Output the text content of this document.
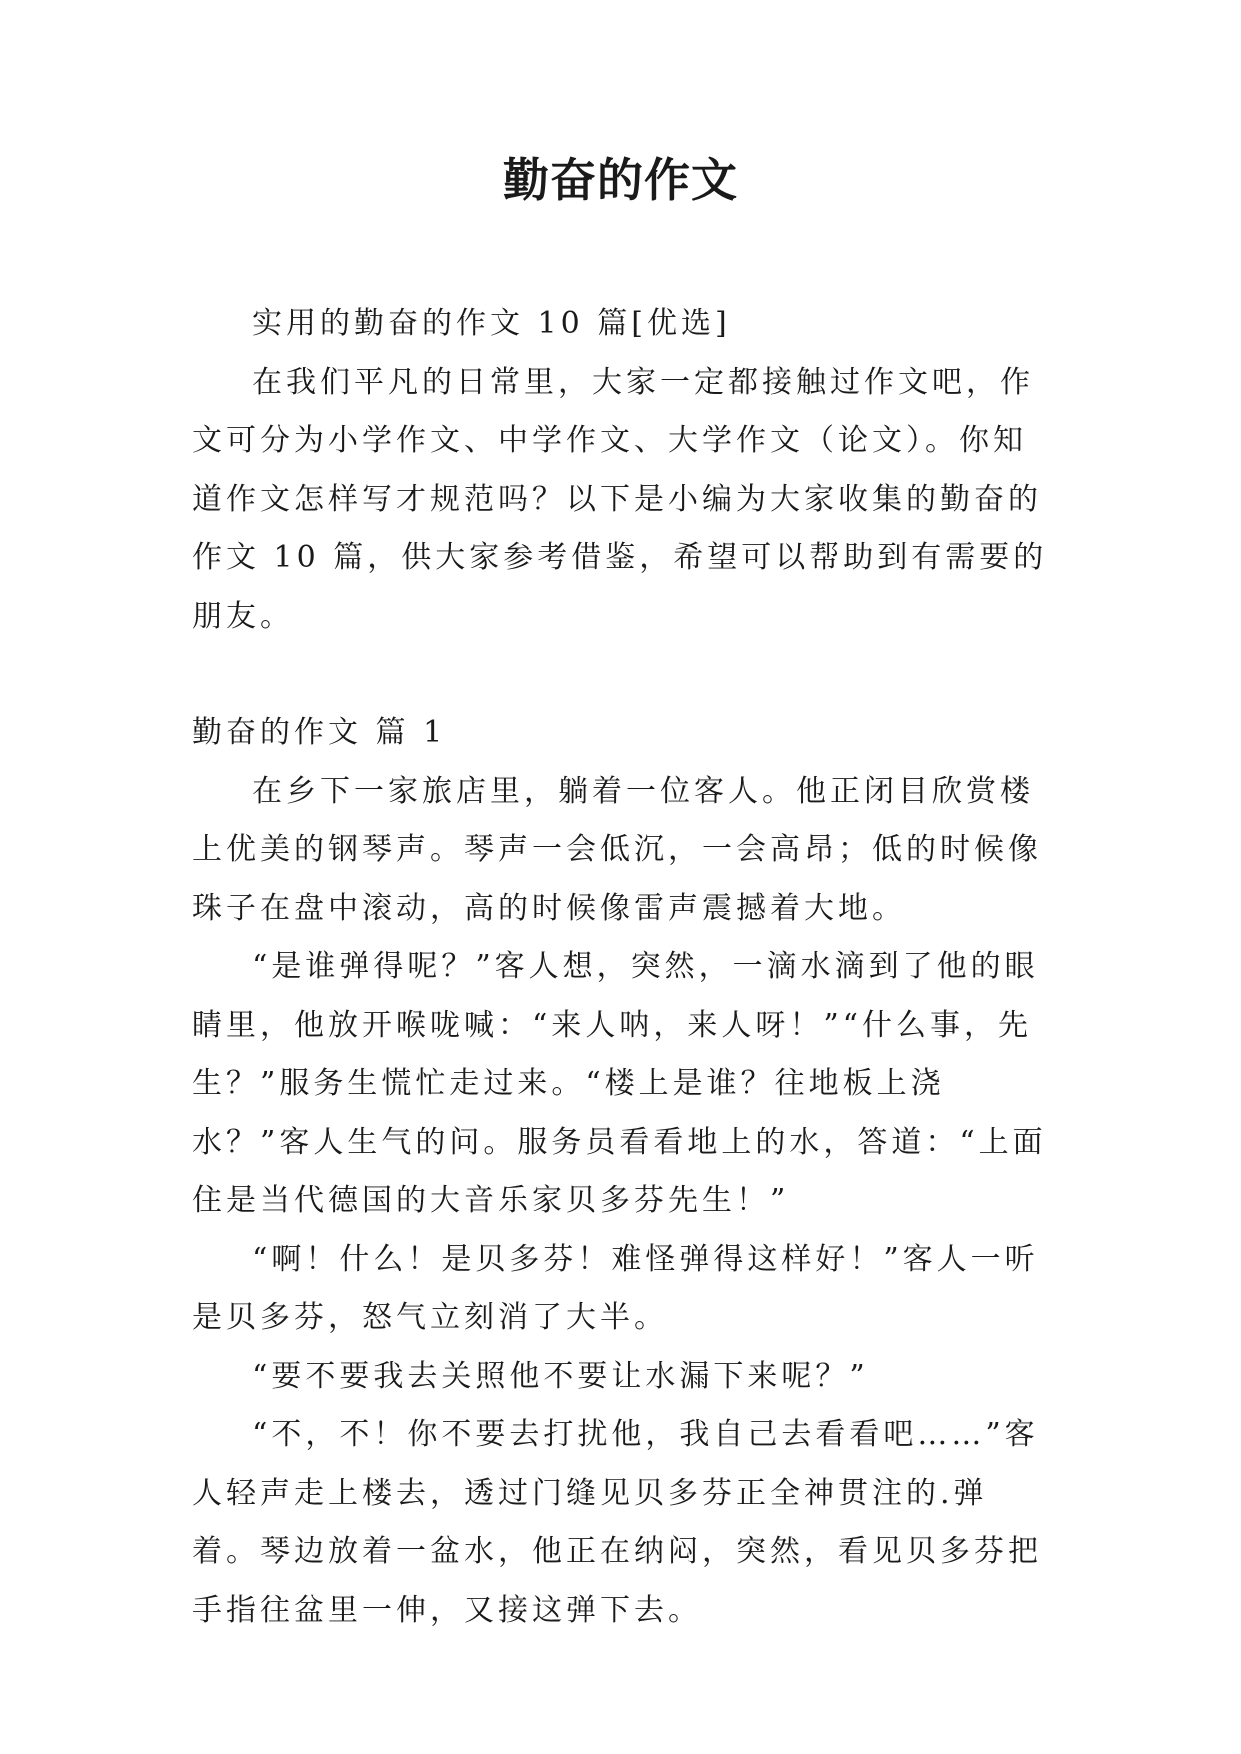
勤奋的作文

实用的勤奋的作文 10 篇[优选]

在我们平凡的日常里，大家一定都接触过作文吧，作文可分为小学作文、中学作文、大学作文（论文）。你知道作文怎样写才规范吗？以下是小编为大家收集的勤奋的作文 10 篇，供大家参考借鉴，希望可以帮助到有需要的朋友。

勤奋的作文 篇 1

在乡下一家旅店里，躺着一位客人。他正闭目欣赏楼上优美的钢琴声。琴声一会低沉，一会高昂；低的时候像珠子在盘中滚动，高的时候像雷声震撼着大地。

“是谁弹得呢？”客人想，突然，一滴水滴到了他的眼睛里，他放开喉咙喊：“来人呐，来人呀！”“什么事，先生？”服务生慌忙走过来。“楼上是谁？往地板上浇水？”客人生气的问。服务员看看地上的水，答道：“上面住是当代德国的大音乐家贝多芬先生！”

“啊！什么！是贝多芬！难怪弹得这样好！”客人一听是贝多芬，怒气立刻消了大半。

“要不要我去关照他不要让水漏下来呢？”

“不，不！你不要去打扰他，我自己去看看吧……”客人轻声走上楼去，透过门缝见贝多芬正全神贯注的.弹着。琴边放着一盆水，他正在纳闷，突然，看见贝多芬把手指往盆里一伸，又接这弹下去。
